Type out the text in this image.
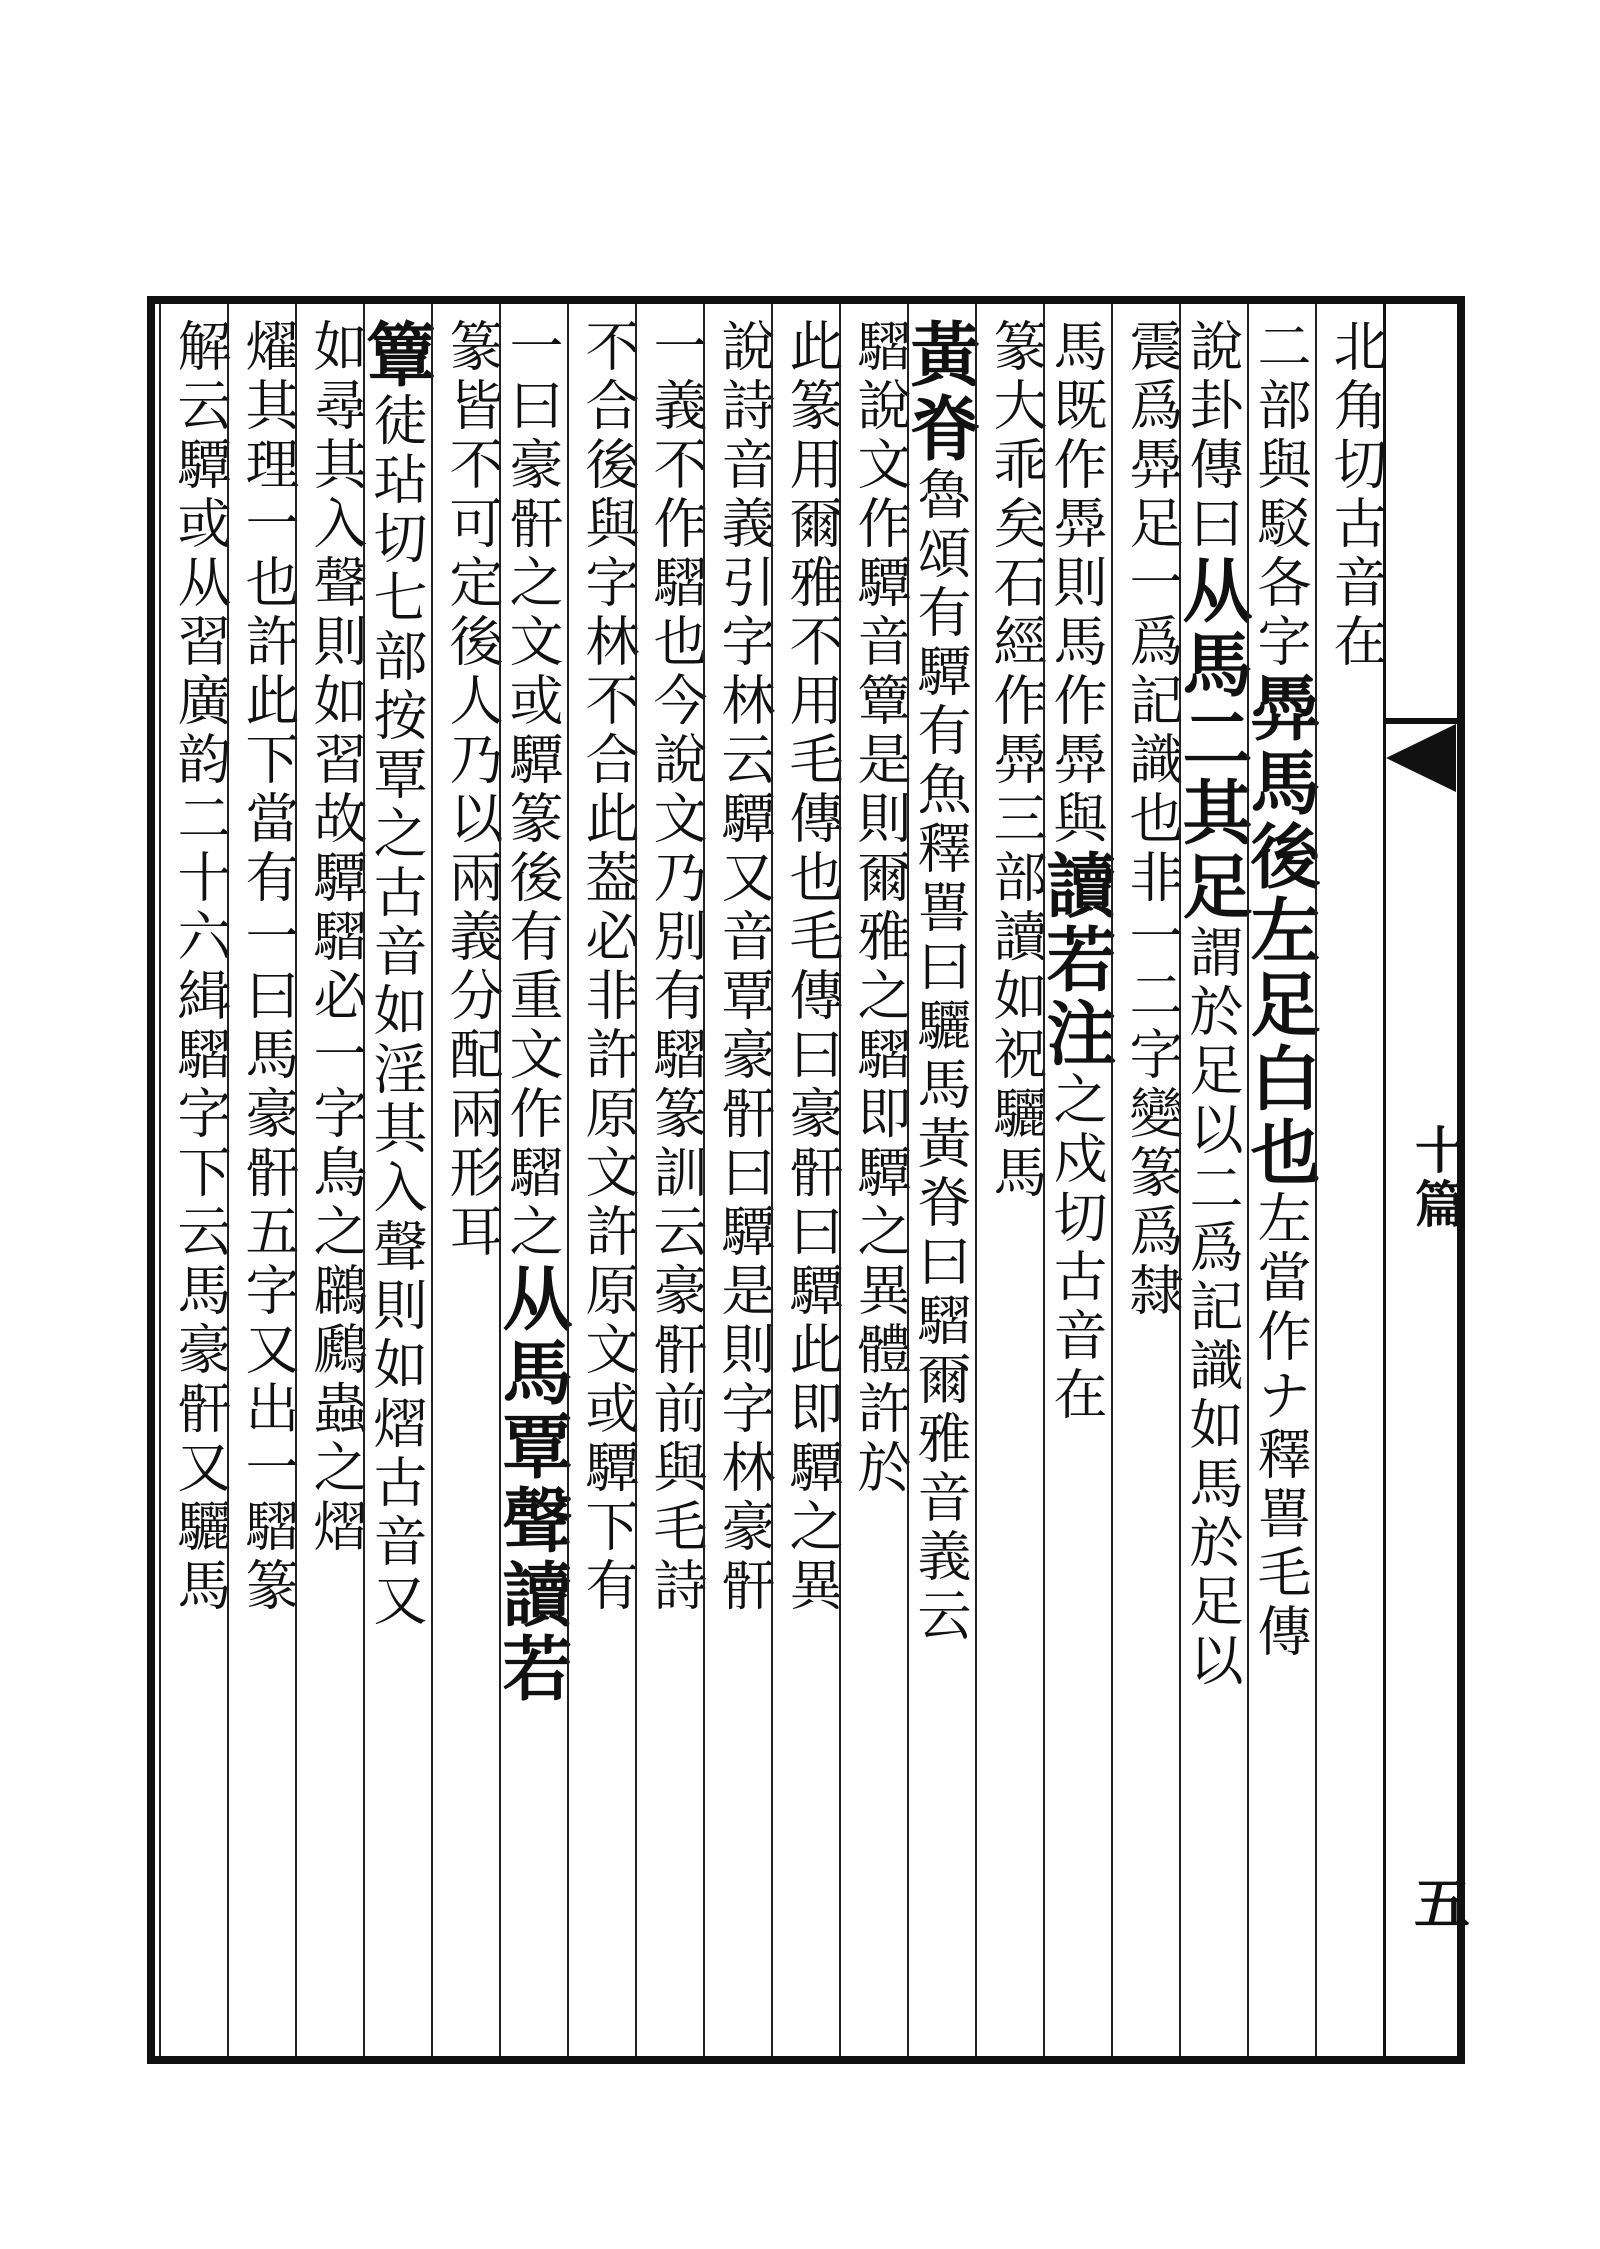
北角切古音在
二部與駁各字馵馬後左足白也左當作ナ釋嘼毛傳
說卦傳曰从馬二其足謂於足以二爲記識如馬於足以
震爲馵足一爲記識也非一二字變篆爲隸
馬既作馵則馬作馵與讀若注之戍切古音在
篆大乖矣石經作馵三部讀如祝驪馬
黃脊魯頌有驔有魚釋嘼曰驪馬黃脊曰騽爾雅音義云
騽說文作驔音簟是則爾雅之騽即驔之異體許於
此篆用爾雅不用毛傳也毛傳曰豪骭曰驔此即驔之異
說詩音義引字林云驔又音覃豪骭曰驔是則字林豪骭
一義不作騽也今說文乃別有騽篆訓云豪骭前與毛詩
不合後與字林不合此葢必非許原文許原文或驔下有
一曰豪骭之文或驔篆後有重文作騽之从馬覃聲讀若
篆皆不可定後人乃以兩義分配兩形耳
簟徒玷切七部按覃之古音如淫其入聲則如熠古音又
如尋其入聲則如習故驔騽必一字鳥之鸊鷉蟲之熠
燿其理一也許此下當有一曰馬豪骭五字又出一騽篆
解云驔或从習廣韵二十六緝騽字下云馬豪骭又驪馬	十篇
五
